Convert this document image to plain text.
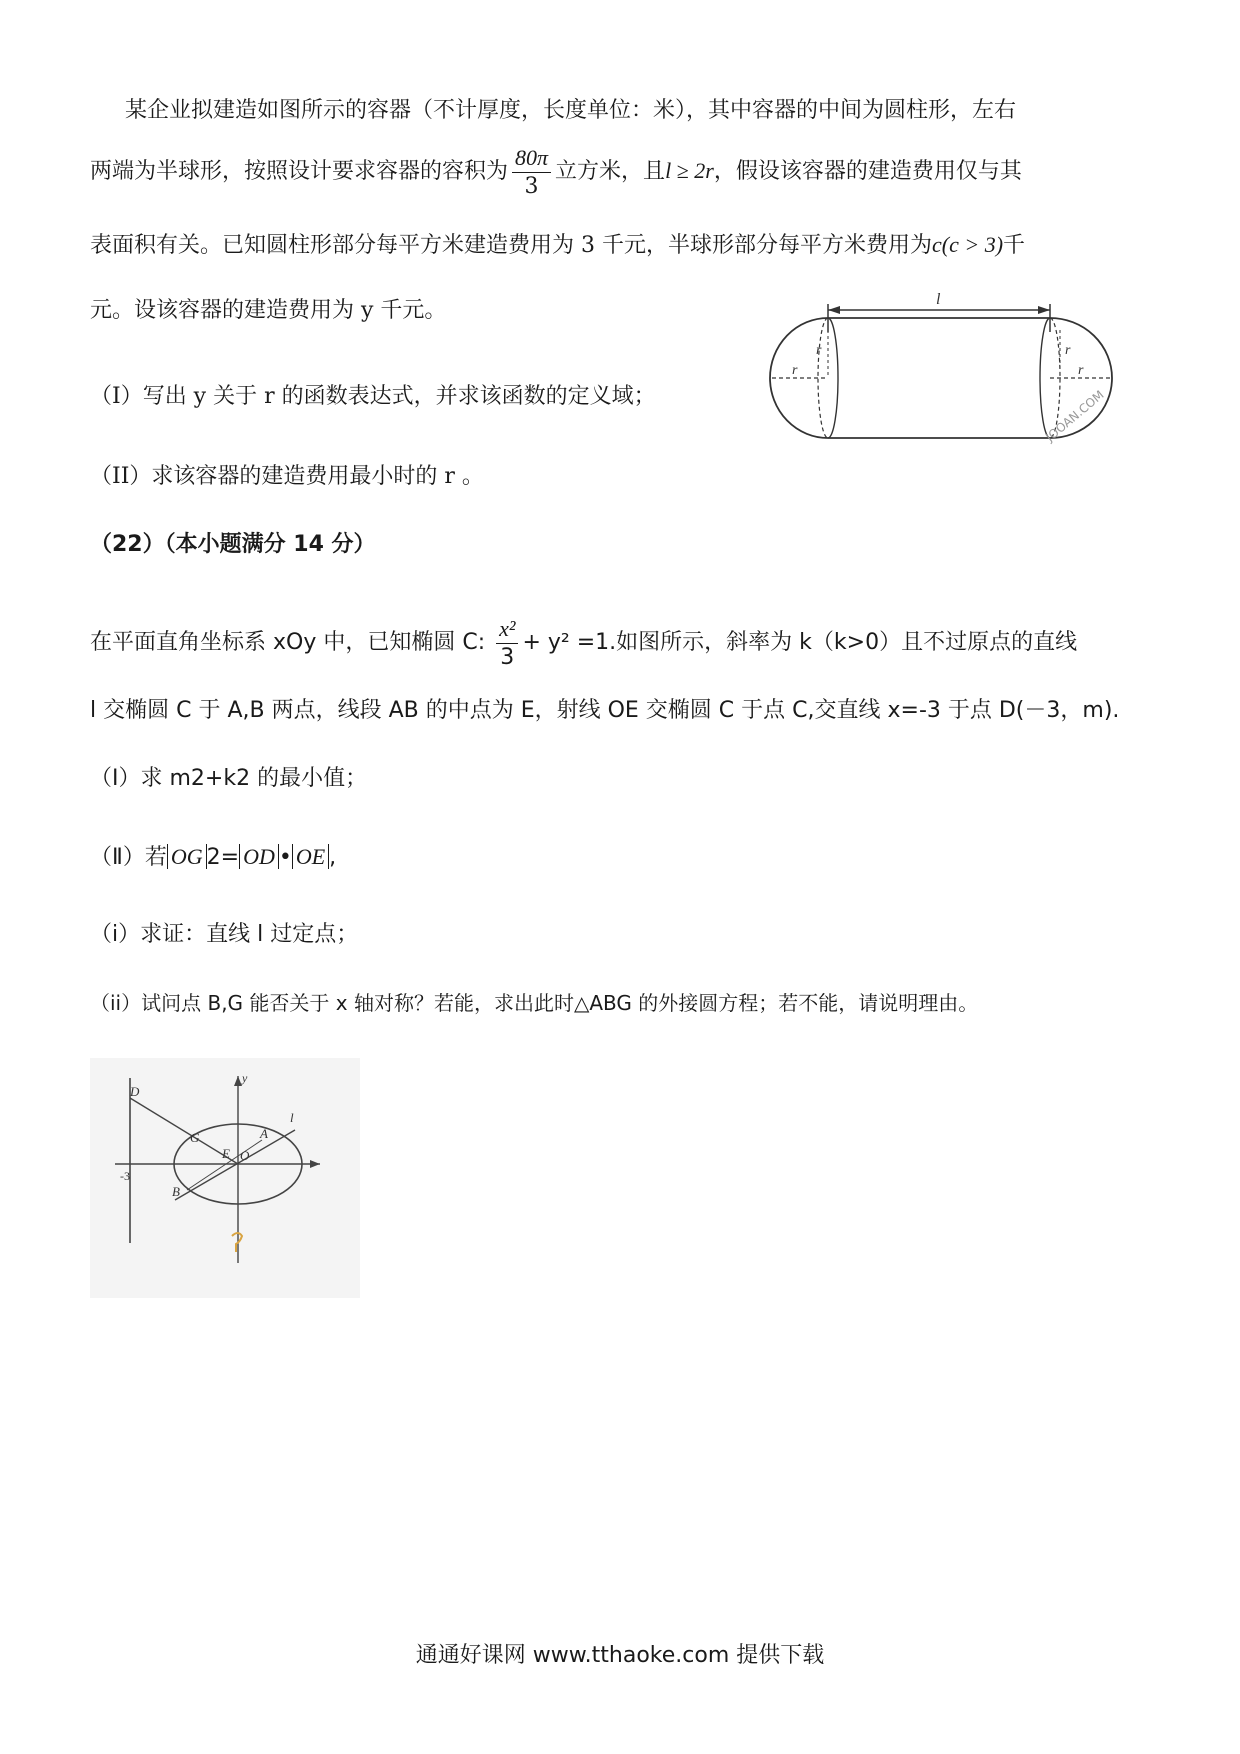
某企业拟建造如图所示的容器（不计厚度，长度单位：米），其中容器的中间为圆柱形，左右
两端为半球形，按照设计要求容器的容积为 $\frac{80\pi}{3}$ 立方米，且l ≥ 2r，假设该容器的建造费用仅与其
表面积有关。已知圆柱形部分每平方米建造费用为 3 千元，半球形部分每平方米费用为c(c > 3)千
元。设该容器的建造费用为 y 千元。
（I）写出 y 关于 r 的函数表达式，并求该函数的定义域；
（II）求该容器的建造费用最小时的 r 。
l
r
r	r
r
JOOAN.COM
（22）（本小题满分 14 分）
在平面直角坐标系 xOy 中，已知椭圆 C: $\frac{\text{x²}}{3} + y^2 =1$.如图所示，斜率为 k（k>0）且不过原点的直线
l 交椭圆 C 于 A,B 两点，线段 AB 的中点为 E，射线 OE 交椭圆 C 于点 C,交直线 x=-3 于点 D(－3，m).
（Ⅰ）求 m2+k2 的最小值；
（Ⅱ）若 OG 2= OD • OE ,
（i）求证：直线 l 过定点；
（ii）试问点 B,G 能否关于 x 轴对称？若能，求出此时△ABG 的外接圆方程；若不能，请说明理由。
D
G	A
E O
B
y
l
-3
通通好课网 www.tthaoke.com 提供下载
